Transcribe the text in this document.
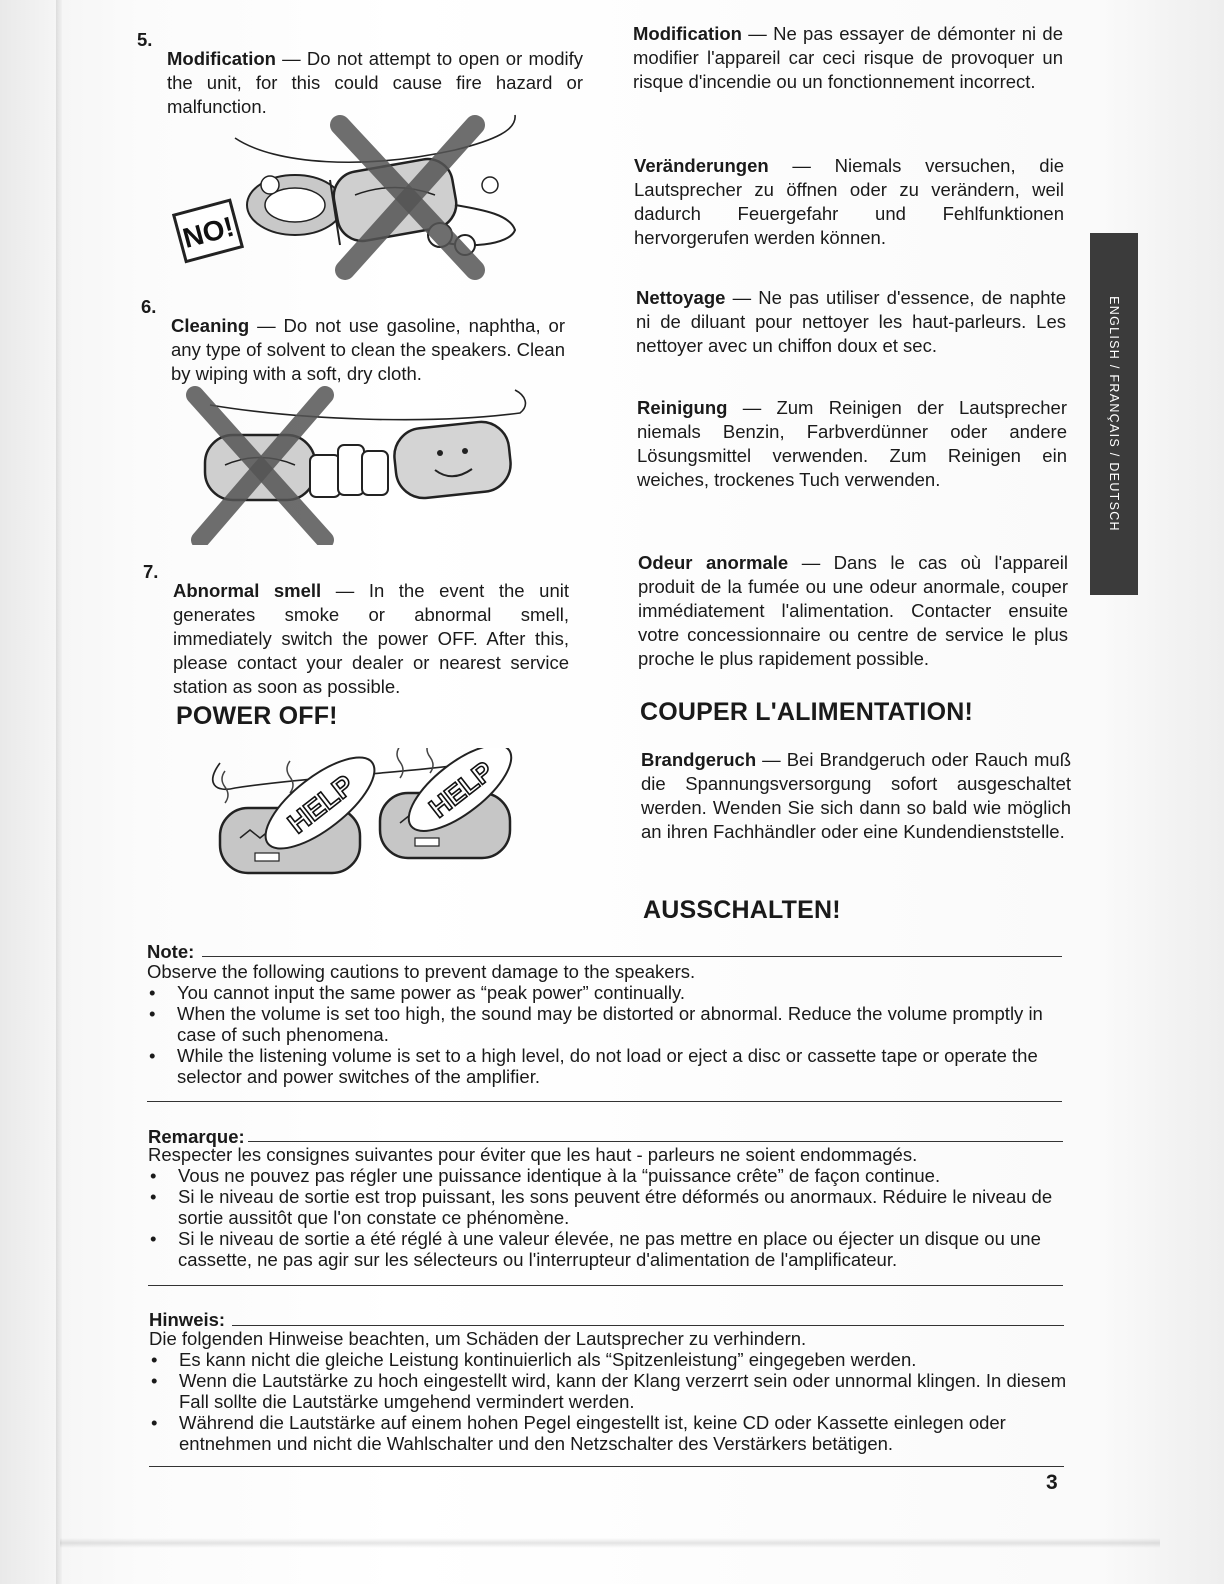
5.

Modification — Do not attempt to open or modify the unit, for this could cause fire hazard or malfunction.

NO!
6.

Cleaning — Do not use gasoline, naphtha, or any type of solvent to clean the speakers. Clean by wiping with a soft, dry cloth.

7.

Abnormal smell — In the event the unit generates smoke or abnormal smell, immediately switch the power OFF. After this, please contact your dealer or nearest service station as soon as possible.

POWER OFF!
HELP HELP

Modification — Ne pas essayer de démonter ni de modifier l'appareil car ceci risque de provoquer un risque d'incendie ou un fonctionnement incorrect.

Veränderungen — Niemals versuchen, die Lautsprecher zu öffnen oder zu verändern, weil dadurch Feuergefahr und Fehlfunktionen hervorgerufen werden können.

Nettoyage — Ne pas utiliser d'essence, de naphte ni de diluant pour nettoyer les haut-parleurs. Les nettoyer avec un chiffon doux et sec.

Reinigung — Zum Reinigen der Lautsprecher niemals Benzin, Farbverdünner oder andere Lösungsmittel verwenden. Zum Reinigen ein weiches, trockenes Tuch verwenden.

Odeur anormale — Dans le cas où l'appareil produit de la fumée ou une odeur anormale, couper immédiatement l'alimentation. Contacter ensuite votre concessionnaire ou centre de service le plus proche le plus rapidement possible.

COUPER L'ALIMENTATION!

Brandgeruch — Bei Brandgeruch oder Rauch muß die Spannungsversorgung sofort ausgeschaltet werden. Wenden Sie sich dann so bald wie möglich an ihren Fachhändler oder eine Kundendienststelle.

AUSSCHALTEN!
ENGLISH / FRANÇAIS / DEUTSCH
Note:
Observe the following cautions to prevent damage to the speakers.
• You cannot input the same power as “peak power” continually.
• When the volume is set too high, the sound may be distorted or abnormal. Reduce the volume promptly in case of such phenomena.
• While the listening volume is set to a high level, do not load or eject a disc or cassette tape or operate the selector and power switches of the amplifier.
Remarque:
Respecter les consignes suivantes pour éviter que les haut - parleurs ne soient endommagés.
• Vous ne pouvez pas régler une puissance identique à la “puissance crête” de façon continue.
• Si le niveau de sortie est trop puissant, les sons peuvent étre déformés ou anormaux. Réduire le niveau de sortie aussitôt que l'on constate ce phénomène.
• Si le niveau de sortie a été réglé à une valeur élevée, ne pas mettre en place ou éjecter un disque ou une cassette, ne pas agir sur les sélecteurs ou l'interrupteur d'alimentation de l'amplificateur.
Hinweis:
Die folgenden Hinweise beachten, um Schäden der Lautsprecher zu verhindern.
• Es kann nicht die gleiche Leistung kontinuierlich als “Spitzenleistung” eingegeben werden.
• Wenn die Lautstärke zu hoch eingestellt wird, kann der Klang verzerrt sein oder unnormal klingen. In diesem Fall sollte die Lautstärke umgehend vermindert werden.
• Während die Lautstärke auf einem hohen Pegel eingestellt ist, keine CD oder Kassette einlegen oder entnehmen und nicht die Wahlschalter und den Netzschalter des Verstärkers betätigen.
3
